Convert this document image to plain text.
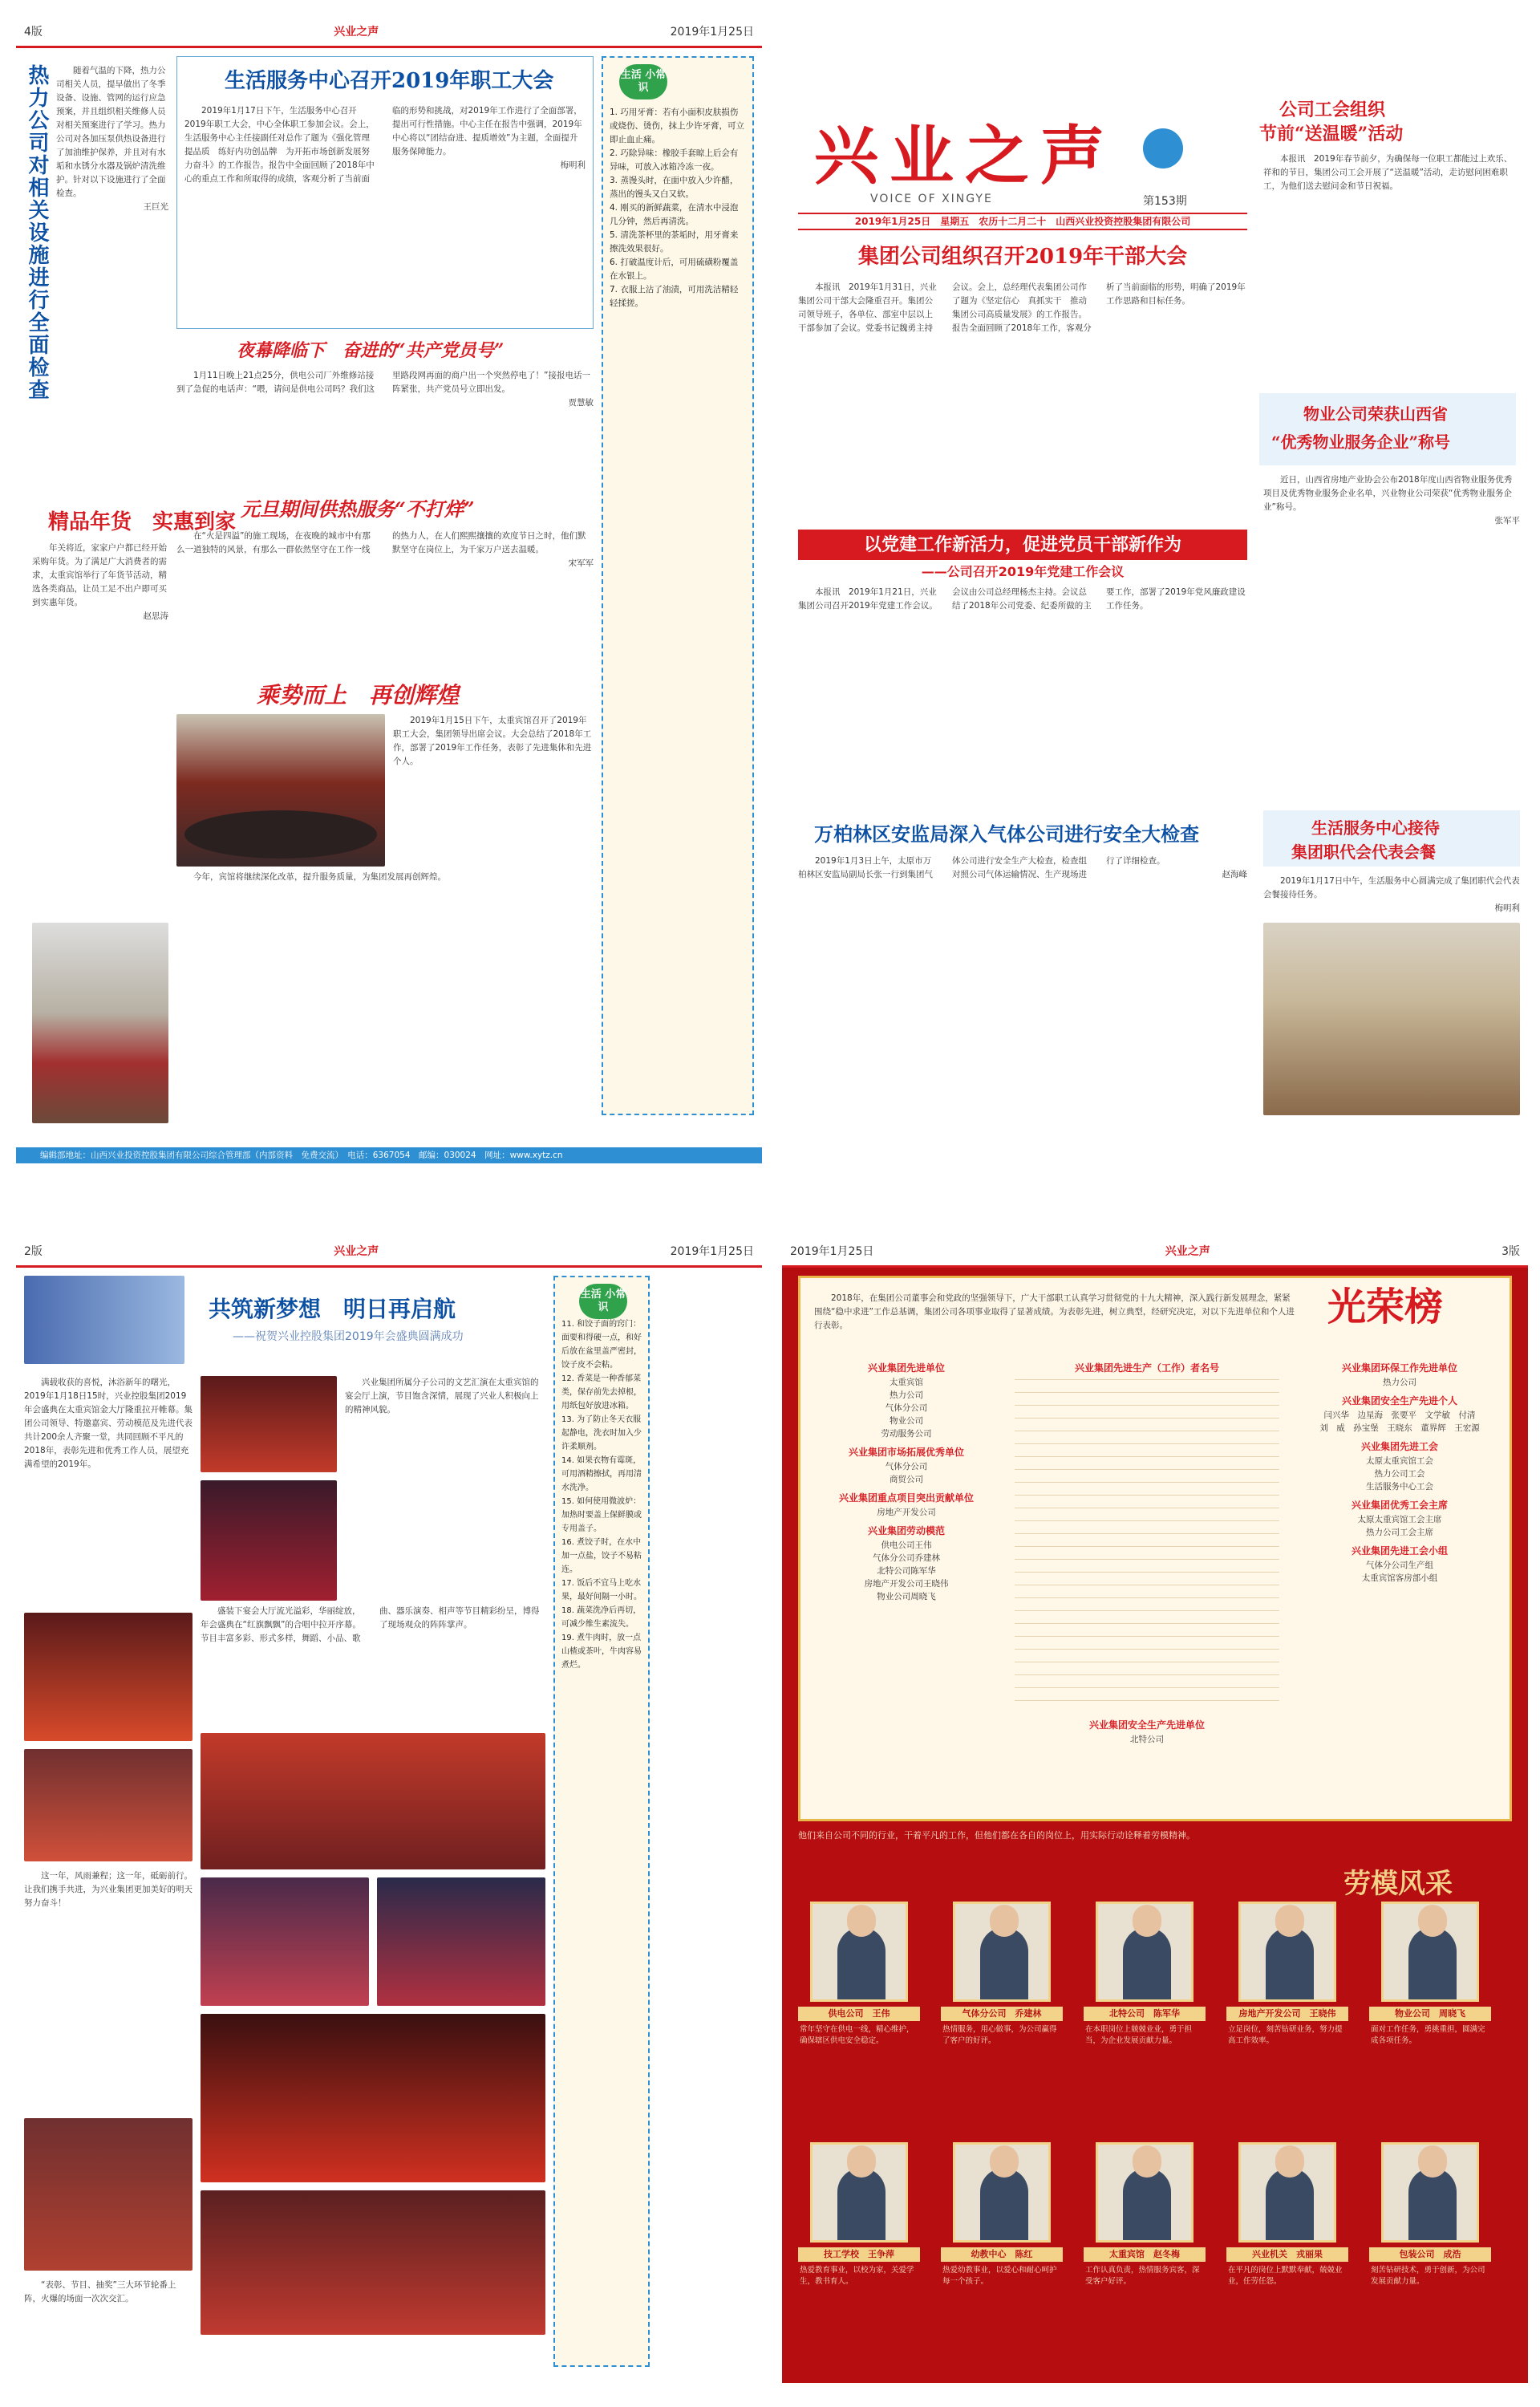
4版	兴业之声	2019年1月25日
热力公司对相关设施进行全面检查	随着气温的下降，热力公司相关人员，提早做出了冬季设备、设施、管网的运行应急预案，并且组织相关维修人员对相关预案进行了学习。热力公司对各加压泵供热设备进行了加油维护保养，并且对有水垢和水锈分水器及锅炉清洗维护。针对以下设施进行了全面检查。

王巨光

生活服务中心召开2019年职工大会

2019年1月17日下午，生活服务中心召开2019年职工大会，中心全体职工参加会议。会上，生活服务中心主任接副任对总作了题为《强化管理提品质　练好内功创品牌　为开拓市场创新发展努力奋斗》的工作报告。报告中全面回顾了2018年中心的重点工作和所取得的成绩，客观分析了当前面临的形势和挑战，对2019年工作进行了全面部署，提出可行性措施。中心主任在报告中强调，2019年中心将以“团结奋进、提质增效”为主题，全面提升服务保障能力。

梅明利

夜幕降临下　奋进的“共产党员号”

1月11日晚上21点25分，供电公司厂外维修站接到了急促的电话声：“喂，请问是供电公司吗？我们这里路段网再面的商户出一个突然停电了！”接报电话一阵紧张，共产党员号立即出发。

贾慧敏

元旦期间供热服务“不打烊”

在“火是四溢”的施工现场，在夜晚的城市中有那么一道独特的风景，有那么一群依然坚守在工作一线的热力人，在人们熙熙攘攘的欢度节日之时，他们默默坚守在岗位上，为千家万户送去温暖。

宋军军

乘势而上　再创辉煌

2019年1月15日下午，太重宾馆召开了2019年职工大会，集团领导出席会议。大会总结了2018年工作，部署了2019年工作任务，表彰了先进集体和先进个人。

今年，宾馆将继续深化改革，提升服务质量，为集团发展再创辉煌。

生活 小常识
1. 巧用牙膏：若有小面积皮肤损伤或烧伤、烫伤，抹上少许牙膏，可立即止血止痛。
2. 巧除异味：橡胶手套晾上后会有异味，可放入冰箱冷冻一夜。
3. 蒸馒头时，在面中放入少许醋，蒸出的馒头又白又软。
4. 刚买的新鲜蔬菜，在清水中浸泡几分钟，然后再清洗。
5. 清洗茶杯里的茶垢时，用牙膏来擦洗效果很好。
6. 打破温度计后，可用硫磺粉覆盖在水银上。
7. 衣服上沾了油渍，可用洗洁精轻轻揉搓。
精品年货　实惠到家

年关将近，家家户户都已经开始采购年货。为了满足广大消费者的需求，太重宾馆举行了年货节活动，精选各类商品，让员工足不出户即可买到实惠年货。

赵思涛

编辑部地址：山西兴业投资控股集团有限公司综合管理部（内部资料　免费交流）　电话：6367054　邮编：030024　网址：www.xytz.cn
兴业之声
VOICE OF XINGYE	第153期
2019年1月25日　星期五　农历十二月二十　山西兴业投资控股集团有限公司
公司工会组织
节前“送温暖”活动

本报讯　2019年春节前夕，为确保每一位职工都能过上欢乐、祥和的节日，集团公司工会开展了“送温暖”活动，走访慰问困难职工，为他们送去慰问金和节日祝福。

集团公司组织召开2019年干部大会

本报讯　2019年1月31日，兴业集团公司干部大会隆重召开。集团公司领导班子，各单位、部室中层以上干部参加了会议。党委书记魏勇主持会议。会上，总经理代表集团公司作了题为《坚定信心　真抓实干　推动集团公司高质量发展》的工作报告。报告全面回顾了2018年工作，客观分析了当前面临的形势，明确了2019年工作思路和目标任务。

物业公司荣获山西省
“优秀物业服务企业”称号

近日，山西省房地产业协会公布2018年度山西省物业服务优秀项目及优秀物业服务企业名单，兴业物业公司荣获“优秀物业服务企业”称号。

张军平

以党建工作新活力，促进党员干部新作为
——公司召开2019年党建工作会议

本报讯　2019年1月21日，兴业集团公司召开2019年党建工作会议。会议由公司总经理杨杰主持。会议总结了2018年公司党委、纪委所做的主要工作，部署了2019年党风廉政建设工作任务。

生活服务中心接待
集团职代会代表会餐

2019年1月17日中午，生活服务中心圆满完成了集团职代会代表会餐接待任务。

梅明利

万柏林区安监局深入气体公司进行安全大检查

2019年1月3日上午，太原市万柏林区安监局副局长张一行到集团气体公司进行安全生产大检查，检查组对照公司气体运输情况、生产现场进行了详细检查。

赵海峰

2版	兴业之声	2019年1月25日
共筑新梦想　明日再启航
——祝贺兴业控股集团2019年会盛典圆满成功

满载收获的喜悦，沐浴新年的曙光，2019年1月18日15时，兴业控股集团2019年会盛典在太重宾馆金大厅隆重拉开帷幕。集团公司领导、特邀嘉宾、劳动模范及先进代表共计200余人齐聚一堂，共同回顾不平凡的2018年，表彰先进和优秀工作人员，展望充满希望的2019年。

兴业集团所属分子公司的文艺汇演在太重宾馆的宴会厅上演，节目饱含深情，展现了兴业人积极向上的精神风貌。

盛装下宴会大厅流光溢彩，华丽绽放，年会盛典在“红旗飘飘”的合唱中拉开序幕。节目丰富多彩、形式多样，舞蹈、小品、歌曲、器乐演奏、相声等节目精彩纷呈，博得了现场观众的阵阵掌声。

这一年，风雨兼程；这一年，砥砺前行。让我们携手共进，为兴业集团更加美好的明天努力奋斗！

“表彰、节目、抽奖”三大环节轮番上阵，火爆的场面一次次交汇。

生活 小常识
11. 和饺子面的窍门：面要和得硬一点，和好后放在盆里盖严密封，饺子皮不会粘。
12. 香菜是一种香郁菜类，保存前先去掉根，用纸包好放进冰箱。
13. 为了防止冬天衣服起静电，洗衣时加入少许柔顺剂。
14. 如果衣物有霉斑，可用酒精擦拭，再用清水洗净。
15. 如何使用微波炉：加热时要盖上保鲜膜或专用盖子。
16. 煮饺子时，在水中加一点盐，饺子不易粘连。
17. 饭后不宜马上吃水果，最好间隔一小时。
18. 蔬菜洗净后再切，可减少维生素流失。
19. 煮牛肉时，放一点山楂或茶叶，牛肉容易煮烂。
2019年1月25日	兴业之声	3版
光荣榜

2018年，在集团公司董事会和党政的坚强领导下，广大干部职工认真学习贯彻党的十九大精神，深入践行新发展理念，紧紧围绕“稳中求进”工作总基调，集团公司各项事业取得了显著成绩。为表彰先进，树立典型，经研究决定，对以下先进单位和个人进行表彰。

兴业集团先进单位
太重宾馆
热力公司
气体分公司
物业公司
劳动服务公司
兴业集团市场拓展优秀单位
气体分公司
商贸公司
兴业集团重点项目突出贡献单位
房地产开发公司
兴业集团劳动模范
供电公司王伟
气体分公司乔建林
北特公司陈军华
房地产开发公司王晓伟
物业公司周晓飞
兴业集团先进生产（工作）者名号
兴业集团安全生产先进单位
北特公司
兴业集团环保工作先进单位
热力公司
兴业集团安全生产先进个人
闫兴华　边星海　张要平　文学敏　付清
刘　威　孙宝堡　王晓东　董界辉　王宏源
兴业集团先进工会
太原太重宾馆工会
热力公司工会
生活服务中心工会
兴业集团优秀工会主席
太原太重宾馆工会主席
热力公司工会主席
兴业集团先进工会小组
气体分公司生产组
太重宾馆客房部小组
他们来自公司不同的行业，干着平凡的工作，但他们都在各自的岗位上，用实际行动诠释着劳模精神。
劳模风采
供电公司　王伟
常年坚守在供电一线，精心维护，确保辖区供电安全稳定。
气体分公司　乔建林
热情服务，用心做事，为公司赢得了客户的好评。
北特公司　陈军华
在本职岗位上兢兢业业，勇于担当，为企业发展贡献力量。
房地产开发公司　王晓伟
立足岗位，刻苦钻研业务，努力提高工作效率。
物业公司　周晓飞
面对工作任务，勇挑重担，圆满完成各项任务。
技工学校　王争萍
热爱教育事业，以校为家，关爱学生，教书育人。
幼教中心　陈红
热爱幼教事业，以爱心和耐心呵护每一个孩子。
太重宾馆　赵冬梅
工作认真负责，热情服务宾客，深受客户好评。
兴业机关　戎丽果
在平凡的岗位上默默奉献，兢兢业业，任劳任怨。
包装公司　成浩
刻苦钻研技术，勇于创新，为公司发展贡献力量。
